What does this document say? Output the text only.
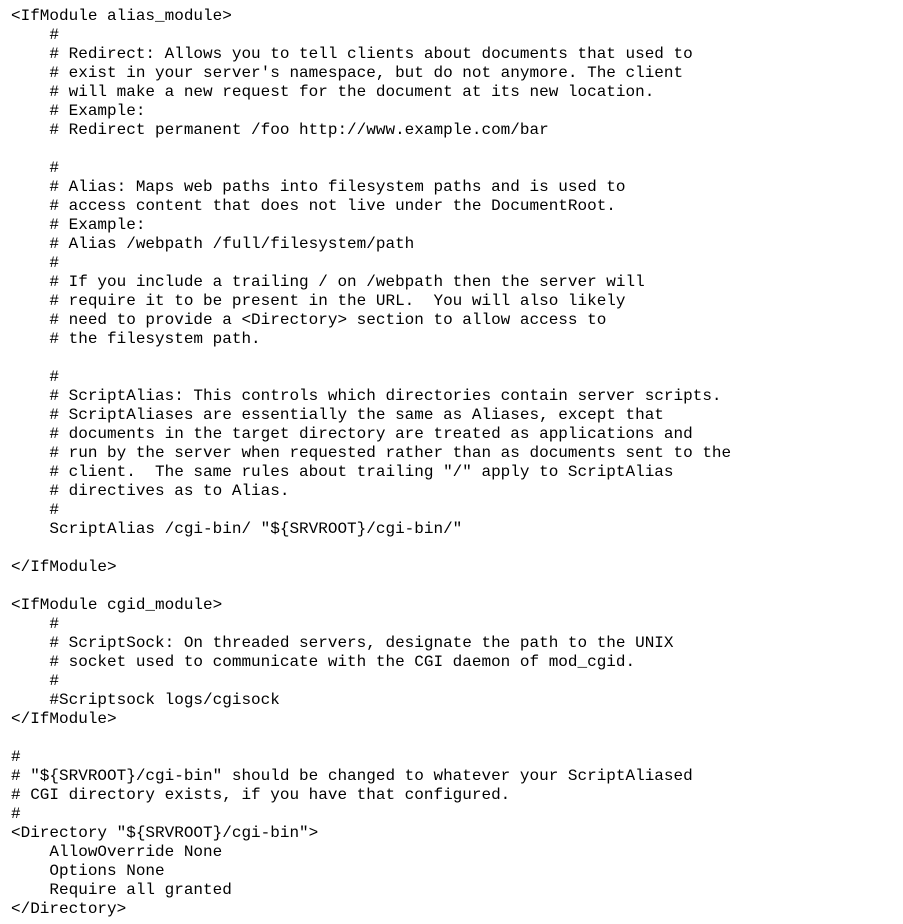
<IfModule alias_module>
#
# Redirect: Allows you to tell clients about documents that used to
# exist in your server's namespace, but do not anymore. The client
# will make a new request for the document at its new location.
# Example:
# Redirect permanent /foo http://www.example.com/bar
#
# Alias: Maps web paths into filesystem paths and is used to
# access content that does not live under the DocumentRoot.
# Example:
# Alias /webpath /full/filesystem/path
#
# If you include a trailing / on /webpath then the server will
# require it to be present in the URL.  You will also likely
# need to provide a <Directory> section to allow access to
# the filesystem path.
#
# ScriptAlias: This controls which directories contain server scripts.
# ScriptAliases are essentially the same as Aliases, except that
# documents in the target directory are treated as applications and
# run by the server when requested rather than as documents sent to the
# client.  The same rules about trailing "/" apply to ScriptAlias
# directives as to Alias.
#
ScriptAlias /cgi-bin/ "${SRVROOT}/cgi-bin/"
</IfModule>
<IfModule cgid_module>
#
# ScriptSock: On threaded servers, designate the path to the UNIX
# socket used to communicate with the CGI daemon of mod_cgid.
#
#Scriptsock logs/cgisock
</IfModule>
#
# "${SRVROOT}/cgi-bin" should be changed to whatever your ScriptAliased
# CGI directory exists, if you have that configured.
#
<Directory "${SRVROOT}/cgi-bin">
AllowOverride None
Options None
Require all granted
</Directory>
